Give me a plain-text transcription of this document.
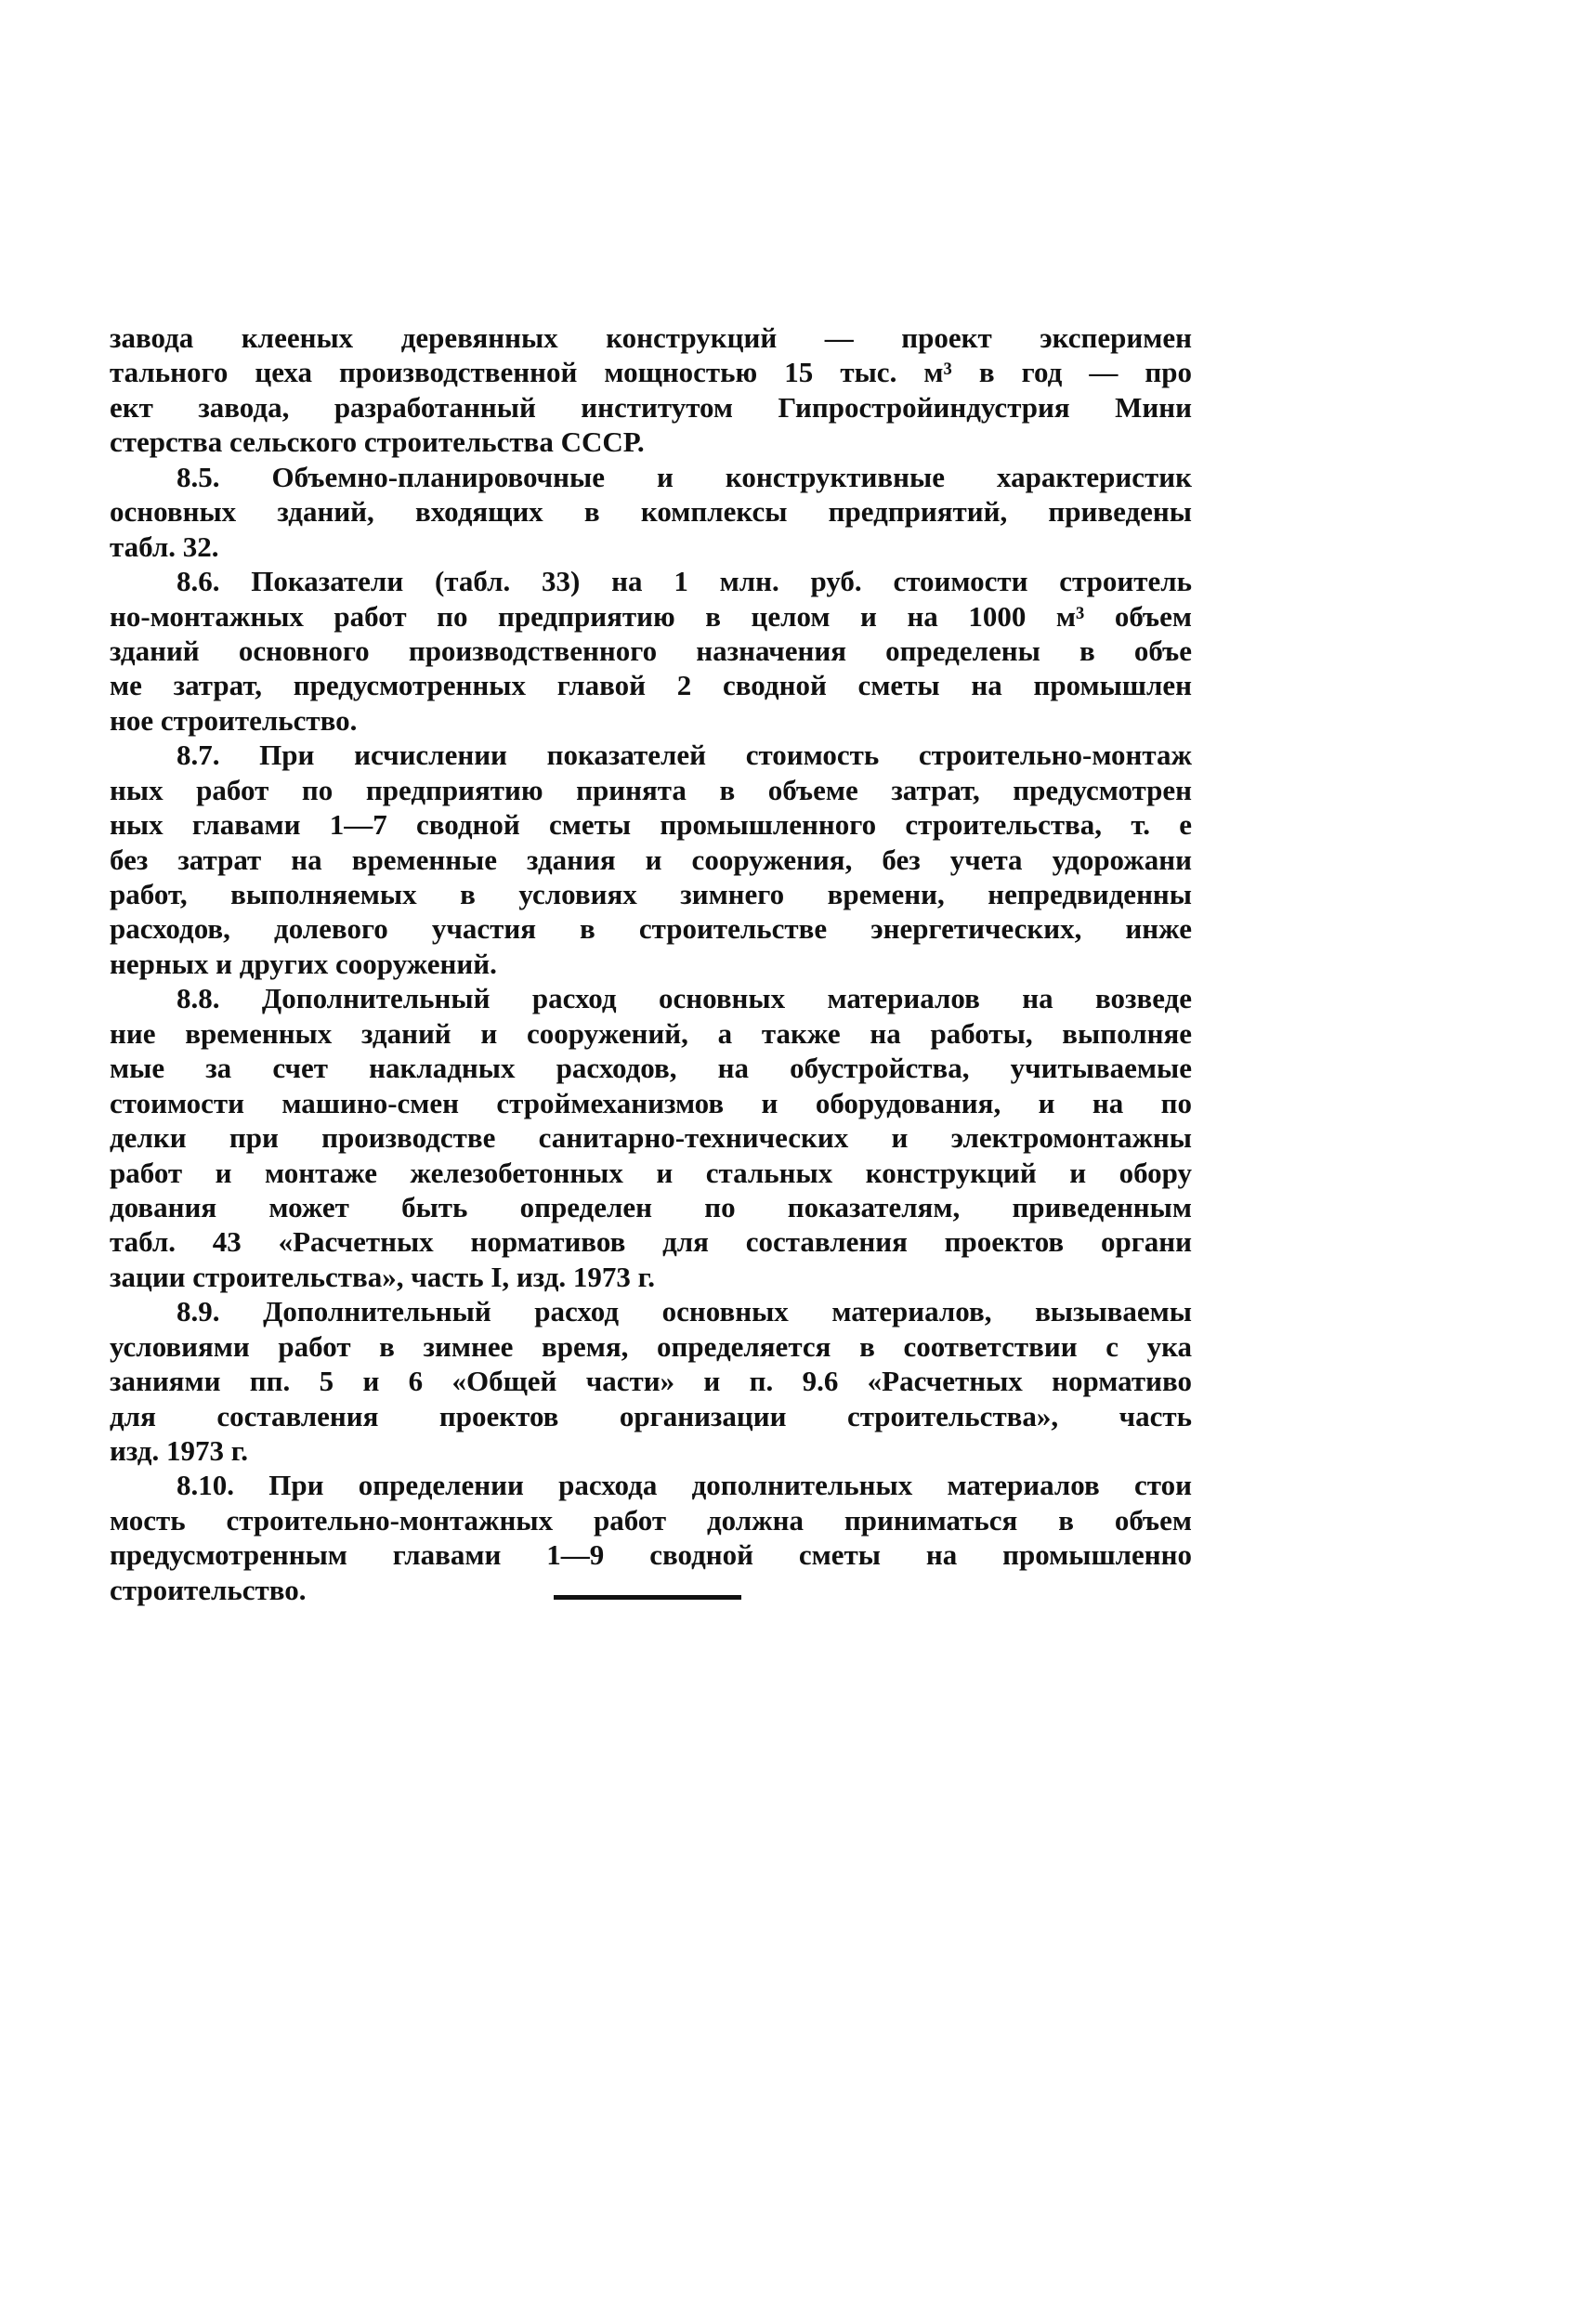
завода клееных деревянных конструкций — проект эксперимен
тального цеха производственной мощностью 15 тыс. м³ в год — про
ект завода, разработанный институтом Гипростройиндустрия Мини
стерства сельского строительства СССР.
8.5. Объемно-планировочные и конструктивные характеристик
основных зданий, входящих в комплексы предприятий, приведены
табл. 32.
8.6. Показатели (табл. 33) на 1 млн. руб. стоимости строитель
но-монтажных работ по предприятию в целом и на 1000 м³ объем
зданий основного производственного назначения определены в объе
ме затрат, предусмотренных главой 2 сводной сметы на промышлен
ное строительство.
8.7. При исчислении показателей стоимость строительно-монтаж
ных работ по предприятию принята в объеме затрат, предусмотрен
ных главами 1—7 сводной сметы промышленного строительства, т. е
без затрат на временные здания и сооружения, без учета удорожани
работ, выполняемых в условиях зимнего времени, непредвиденны
расходов, долевого участия в строительстве энергетических, инже
нерных и других сооружений.
8.8. Дополнительный расход основных материалов на возведе
ние временных зданий и сооружений, а также на работы, выполняе
мые за счет накладных расходов, на обустройства, учитываемые
стоимости машино-смен строймеханизмов и оборудования, и на по
делки при производстве санитарно-технических и электромонтажны
работ и монтаже железобетонных и стальных конструкций и обору
дования может быть определен по показателям, приведенным
табл. 43 «Расчетных нормативов для составления проектов органи
зации строительства», часть I, изд. 1973 г.
8.9. Дополнительный расход основных материалов, вызываемы
условиями работ в зимнее время, определяется в соответствии с ука
заниями пп. 5 и 6 «Общей части» и п. 9.6 «Расчетных нормативо
для составления проектов организации строительства», часть
изд. 1973 г.
8.10. При определении расхода дополнительных материалов стои
мость строительно-монтажных работ должна приниматься в объем
предусмотренным главами 1—9 сводной сметы на промышленно
строительство.
